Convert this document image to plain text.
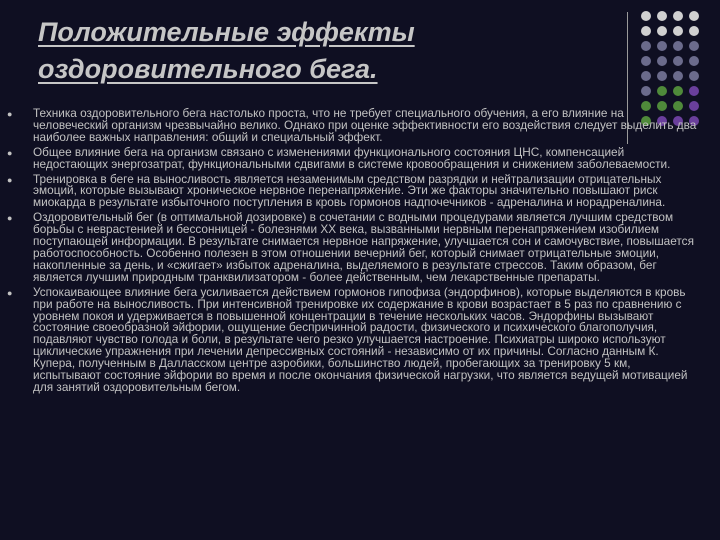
Положительные эффекты оздоровительного бега.
● Техника оздоровительного бега настолько проста, что не требует специального обучения, а его влияние на человеческий организм чрезвычайно велико. Однако при оценке эффективности его воздействия следует выделить два наиболее важных направления: общий и специальный эффект.
● Общее влияние бега на организм связано с изменениями функционального состояния ЦНС, компенсацией недостающих энергозатрат, функциональными сдвигами в системе кровообращения и снижением заболеваемости.
● Тренировка в беге на выносливость является незаменимым средством разрядки и нейтрализации отрицательных эмоций, которые вызывают хроническое нервное перенапряжение. Эти же факторы значительно повышают риск миокарда в результате избыточного поступления в кровь гормонов надпочечников - адреналина и норадреналина.
● Оздоровительный бег (в оптимальной дозировке) в сочетании с водными процедурами является лучшим средством борьбы с неврастенией и бессонницей - болезнями XX века, вызванными нервным перенапряжением изобилием поступающей информации. В результате снимается нервное напряжение, улучшается сон и самочувствие, повышается работоспособность. Особенно полезен в этом отношении вечерний бег, который снимает отрицательные эмоции, накопленные за день, и «сжигает» избыток адреналина, выделяемого в результате стрессов. Таким образом, бег является лучшим природным транквилизатором - более действенным, чем лекарственные препараты.
● Успокаивающее влияние бега усиливается действием гормонов гипофиза (эндорфинов), которые выделяются в кровь при работе на выносливость. При интенсивной тренировке их содержание в крови возрастает в 5 раз по сравнению с уровнем покоя и удерживается в повышенной концентрации в течение нескольких часов. Эндорфины вызывают состояние своеобразной эйфории, ощущение беспричинной радости, физического и психического благополучия, подавляют чувство голода и боли, в результате чего резко улучшается настроение. Психиатры широко используют циклические упражнения при лечении депрессивных состояний - независимо от их причины. Согласно данным К. Купера, полученным в Далласском центре аэробики, большинство людей, пробегающих за тренировку 5 км, испытывают состояние эйфории во время и после окончания физической нагрузки, что является ведущей мотивацией для занятий оздоровительным бегом.
